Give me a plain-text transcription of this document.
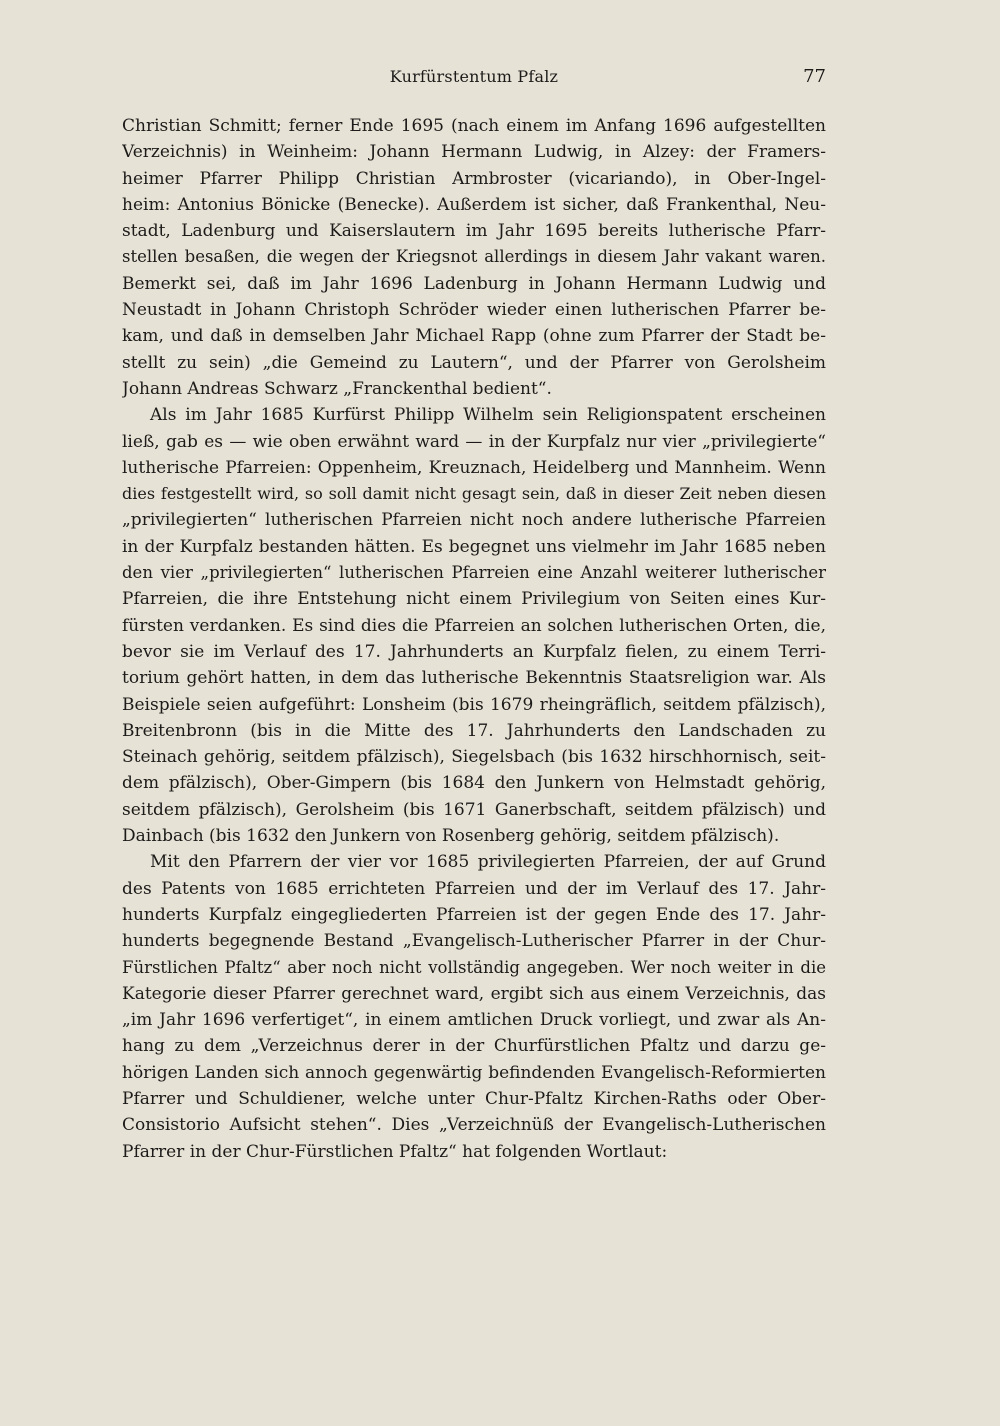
Kurfürstentum Pfalz	77
Christian Schmitt; ferner Ende 1695 (nach einem im Anfang 1696 aufgestellten
Verzeichnis) in Weinheim: Johann Hermann Ludwig, in Alzey: der Framers-
heimer Pfarrer Philipp Christian Armbroster (vicariando), in Ober-Ingel-
heim: Antonius Bönicke (Benecke). Außerdem ist sicher, daß Frankenthal, Neu-
stadt, Ladenburg und Kaiserslautern im Jahr 1695 bereits lutherische Pfarr-
stellen besaßen, die wegen der Kriegsnot allerdings in diesem Jahr vakant waren.
Bemerkt sei, daß im Jahr 1696 Ladenburg in Johann Hermann Ludwig und
Neustadt in Johann Christoph Schröder wieder einen lutherischen Pfarrer be-
kam, und daß in demselben Jahr Michael Rapp (ohne zum Pfarrer der Stadt be-
stellt zu sein) „die Gemeind zu Lautern“, und der Pfarrer von Gerolsheim
Johann Andreas Schwarz „Franckenthal bedient“.
Als im Jahr 1685 Kurfürst Philipp Wilhelm sein Religionspatent erscheinen
ließ, gab es — wie oben erwähnt ward — in der Kurpfalz nur vier „privilegierte“
lutherische Pfarreien: Oppenheim, Kreuznach, Heidelberg und Mannheim. Wenn
dies festgestellt wird, so soll damit nicht gesagt sein, daß in dieser Zeit neben diesen
„privilegierten“ lutherischen Pfarreien nicht noch andere lutherische Pfarreien
in der Kurpfalz bestanden hätten. Es begegnet uns vielmehr im Jahr 1685 neben
den vier „privilegierten“ lutherischen Pfarreien eine Anzahl weiterer lutherischer
Pfarreien, die ihre Entstehung nicht einem Privilegium von Seiten eines Kur-
fürsten verdanken. Es sind dies die Pfarreien an solchen lutherischen Orten, die,
bevor sie im Verlauf des 17. Jahrhunderts an Kurpfalz fielen, zu einem Terri-
torium gehört hatten, in dem das lutherische Bekenntnis Staatsreligion war. Als
Beispiele seien aufgeführt: Lonsheim (bis 1679 rheingräflich, seitdem pfälzisch),
Breitenbronn (bis in die Mitte des 17. Jahrhunderts den Landschaden zu
Steinach gehörig, seitdem pfälzisch), Siegelsbach (bis 1632 hirschhornisch, seit-
dem pfälzisch), Ober-Gimpern (bis 1684 den Junkern von Helmstadt gehörig,
seitdem pfälzisch), Gerolsheim (bis 1671 Ganerbschaft, seitdem pfälzisch) und
Dainbach (bis 1632 den Junkern von Rosenberg gehörig, seitdem pfälzisch).
Mit den Pfarrern der vier vor 1685 privilegierten Pfarreien, der auf Grund
des Patents von 1685 errichteten Pfarreien und der im Verlauf des 17. Jahr-
hunderts Kurpfalz eingegliederten Pfarreien ist der gegen Ende des 17. Jahr-
hunderts begegnende Bestand „Evangelisch-Lutherischer Pfarrer in der Chur-
Fürstlichen Pfaltz“ aber noch nicht vollständig angegeben. Wer noch weiter in die
Kategorie dieser Pfarrer gerechnet ward, ergibt sich aus einem Verzeichnis, das
„im Jahr 1696 verfertiget“, in einem amtlichen Druck vorliegt, und zwar als An-
hang zu dem „Verzeichnus derer in der Churfürstlichen Pfaltz und darzu ge-
hörigen Landen sich annoch gegenwärtig befindenden Evangelisch-Reformierten
Pfarrer und Schuldiener, welche unter Chur-Pfaltz Kirchen-Raths oder Ober-
Consistorio Aufsicht stehen“. Dies „Verzeichnüß der Evangelisch-Lutherischen
Pfarrer in der Chur-Fürstlichen Pfaltz“ hat folgenden Wortlaut:
